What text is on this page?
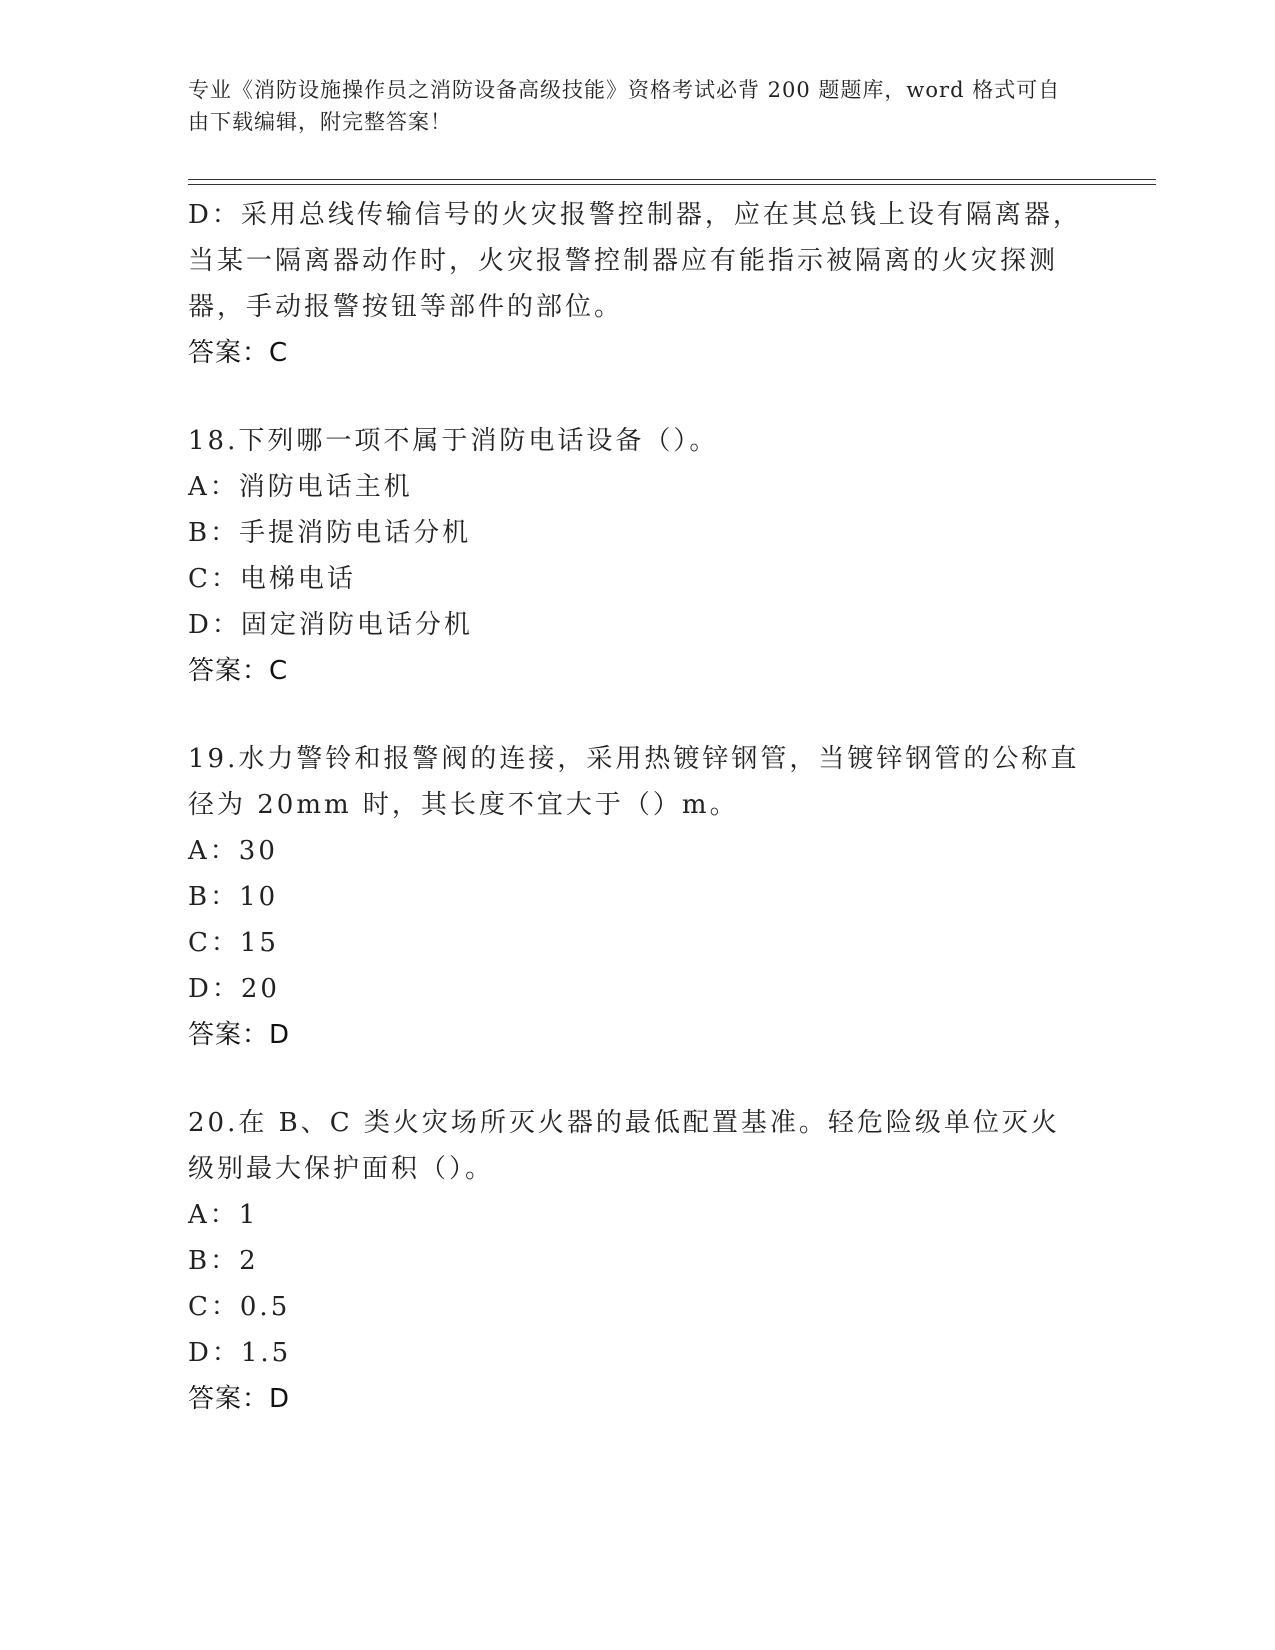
专业《消防设施操作员之消防设备高级技能》资格考试必背 200 题题库，word 格式可自由下载编辑，附完整答案！
D：采用总线传输信号的火灾报警控制器，应在其总钱上设有隔离器，当某一隔离器动作时，火灾报警控制器应有能指示被隔离的火灾探测器，手动报警按钮等部件的部位。
答案：C
18.下列哪一项不属于消防电话设备（）。
A：消防电话主机
B：手提消防电话分机
C：电梯电话
D：固定消防电话分机
答案：C
19.水力警铃和报警阀的连接，采用热镀锌钢管，当镀锌钢管的公称直径为 20mm 时，其长度不宜大于（）m。
A：30
B：10
C：15
D：20
答案：D
20.在 B、C 类火灾场所灭火器的最低配置基准。轻危险级单位灭火级别最大保护面积（）。
A：1
B：2
C：0.5
D：1.5
答案：D
